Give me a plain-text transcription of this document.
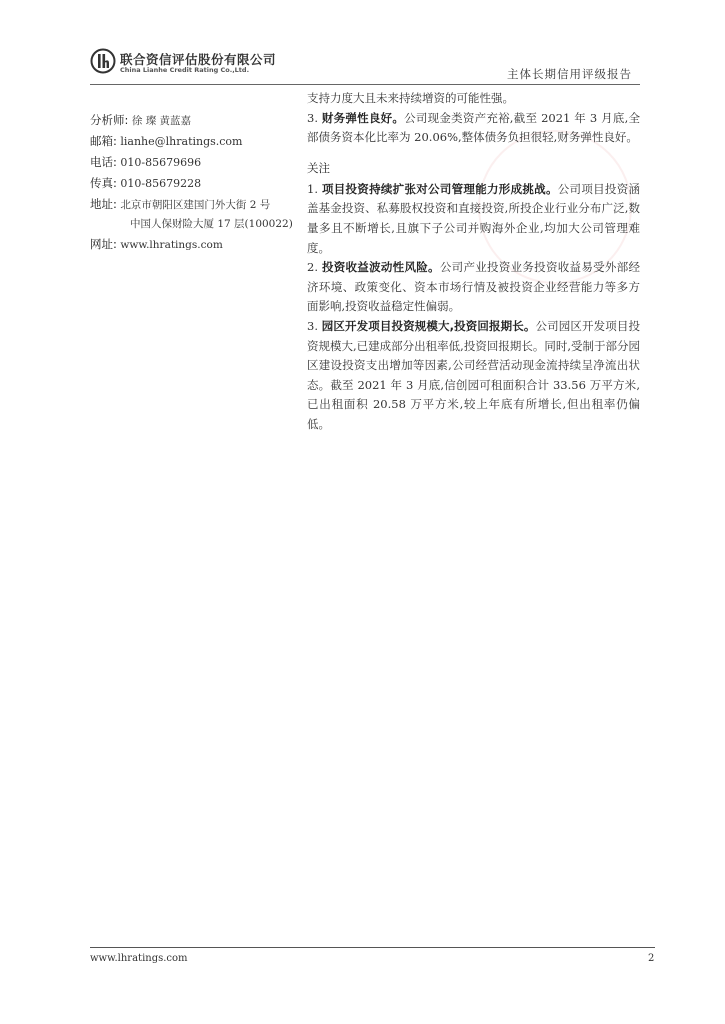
联合资信评估股份有限公司
China Lianhe Credit Rating Co.,Ltd.	主体长期信用评级报告
分析师: 徐 璨 黄蓝嘉
邮箱: lianhe@lhratings.com
电话: 010-85679696
传真: 010-85679228
地址: 北京市朝阳区建国门外大街 2 号
中国人保财险大厦 17 层(100022)
网址: www.lhratings.com

支持力度大且未来持续增资的可能性强。

3. 财务弹性良好。公司现金类资产充裕,截至 2021 年 3 月底,全部债务资本化比率为 20.06%,整体债务负担很轻,财务弹性良好。

关注

1. 项目投资持续扩张对公司管理能力形成挑战。公司项目投资涵盖基金投资、私募股权投资和直接投资,所投企业行业分布广泛,数量多且不断增长,且旗下子公司并购海外企业,均加大公司管理难度。

2. 投资收益波动性风险。公司产业投资业务投资收益易受外部经济环境、政策变化、资本市场行情及被投资企业经营能力等多方面影响,投资收益稳定性偏弱。

3. 园区开发项目投资规模大,投资回报期长。公司园区开发项目投资规模大,已建成部分出租率低,投资回报期长。同时,受制于部分园区建设投资支出增加等因素,公司经营活动现金流持续呈净流出状态。截至 2021 年 3 月底,信创园可租面积合计 33.56 万平方米,已出租面积 20.58 万平方米,较上年底有所增长,但出租率仍偏低。

www.lhratings.com	2
